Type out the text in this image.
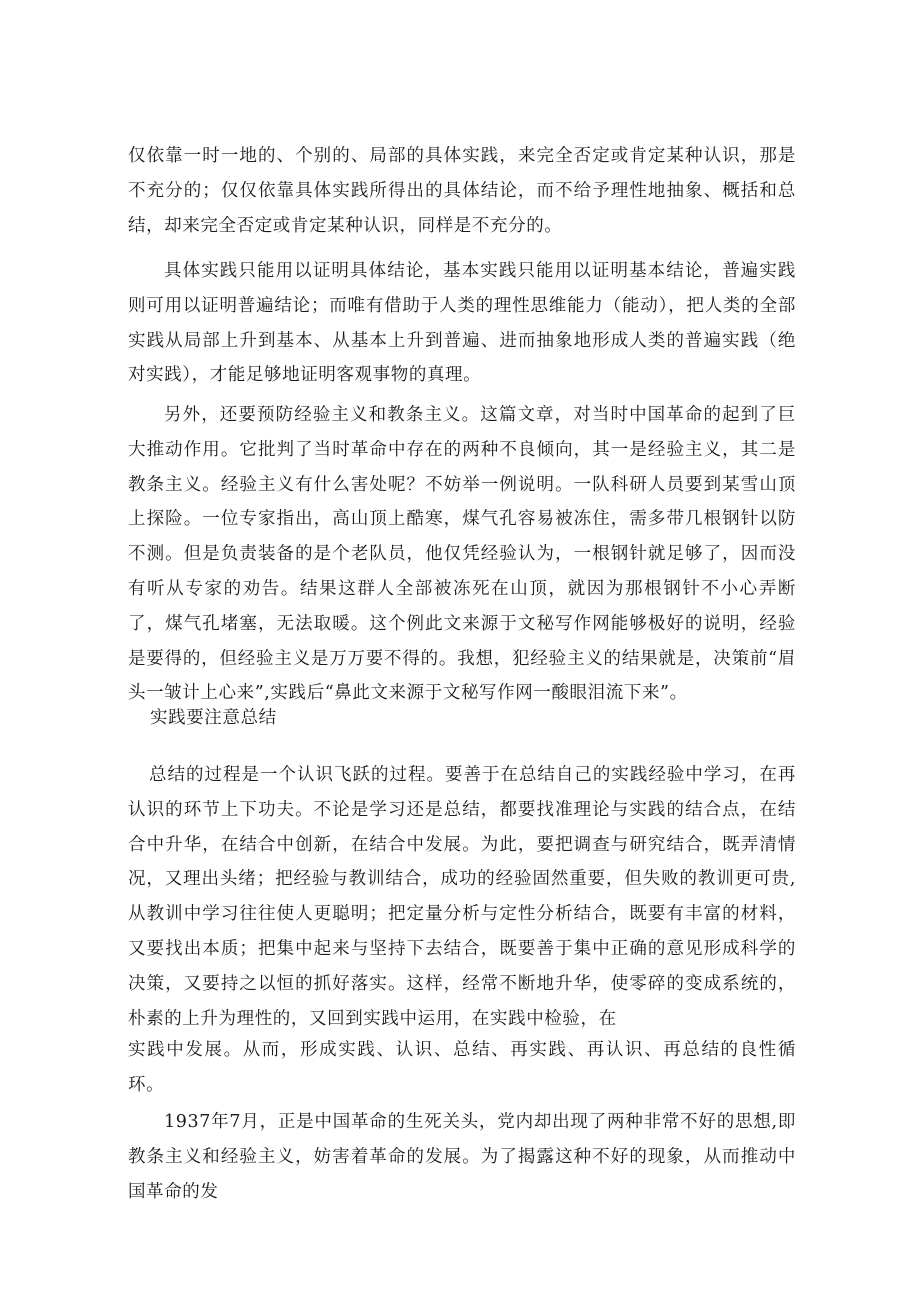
仅依靠一时一地的、个别的、局部的具体实践，来完全否定或肯定某种认识，那是不充分的；仅仅依靠具体实践所得出的具体结论，而不给予理性地抽象、概括和总结，却来完全否定或肯定某种认识，同样是不充分的。

具体实践只能用以证明具体结论，基本实践只能用以证明基本结论，普遍实践则可用以证明普遍结论；而唯有借助于人类的理性思维能力（能动），把人类的全部实践从局部上升到基本、从基本上升到普遍、进而抽象地形成人类的普遍实践（绝对实践），才能足够地证明客观事物的真理。

另外，还要预防经验主义和教条主义。这篇文章，对当时中国革命的起到了巨大推动作用。它批判了当时革命中存在的两种不良倾向，其一是经验主义，其二是教条主义。经验主义有什么害处呢？不妨举一例说明。一队科研人员要到某雪山顶上探险。一位专家指出，高山顶上酷寒，煤气孔容易被冻住，需多带几根钢针以防不测。但是负责装备的是个老队员，他仅凭经验认为，一根钢针就足够了，因而没有听从专家的劝告。结果这群人全部被冻死在山顶，就因为那根钢针不小心弄断了，煤气孔堵塞，无法取暖。这个例此文来源于文秘写作网能够极好的说明，经验是要得的，但经验主义是万万要不得的。我想，犯经验主义的结果就是，决策前“眉头一皱计上心来”,实践后“鼻此文来源于文秘写作网一酸眼泪流下来”。

实践要注意总结

总结的过程是一个认识飞跃的过程。要善于在总结自己的实践经验中学习，在再认识的环节上下功夫。不论是学习还是总结，都要找准理论与实践的结合点，在结合中升华，在结合中创新，在结合中发展。为此，要把调查与研究结合，既弄清情况，又理出头绪；把经验与教训结合，成功的经验固然重要，但失败的教训更可贵,从教训中学习往往使人更聪明；把定量分析与定性分析结合，既要有丰富的材料，又要找出本质；把集中起来与坚持下去结合，既要善于集中正确的意见形成科学的决策，又要持之以恒的抓好落实。这样，经常不断地升华，使零碎的变成系统的，朴素的上升为理性的，又回到实践中运用，在实践中检验，在

实践中发展。从而，形成实践、认识、总结、再实践、再认识、再总结的良性循环。

1937年7月，正是中国革命的生死关头，党内却出现了两种非常不好的思想,即教条主义和经验主义，妨害着革命的发展。为了揭露这种不好的现象，从而推动中国革命的发
